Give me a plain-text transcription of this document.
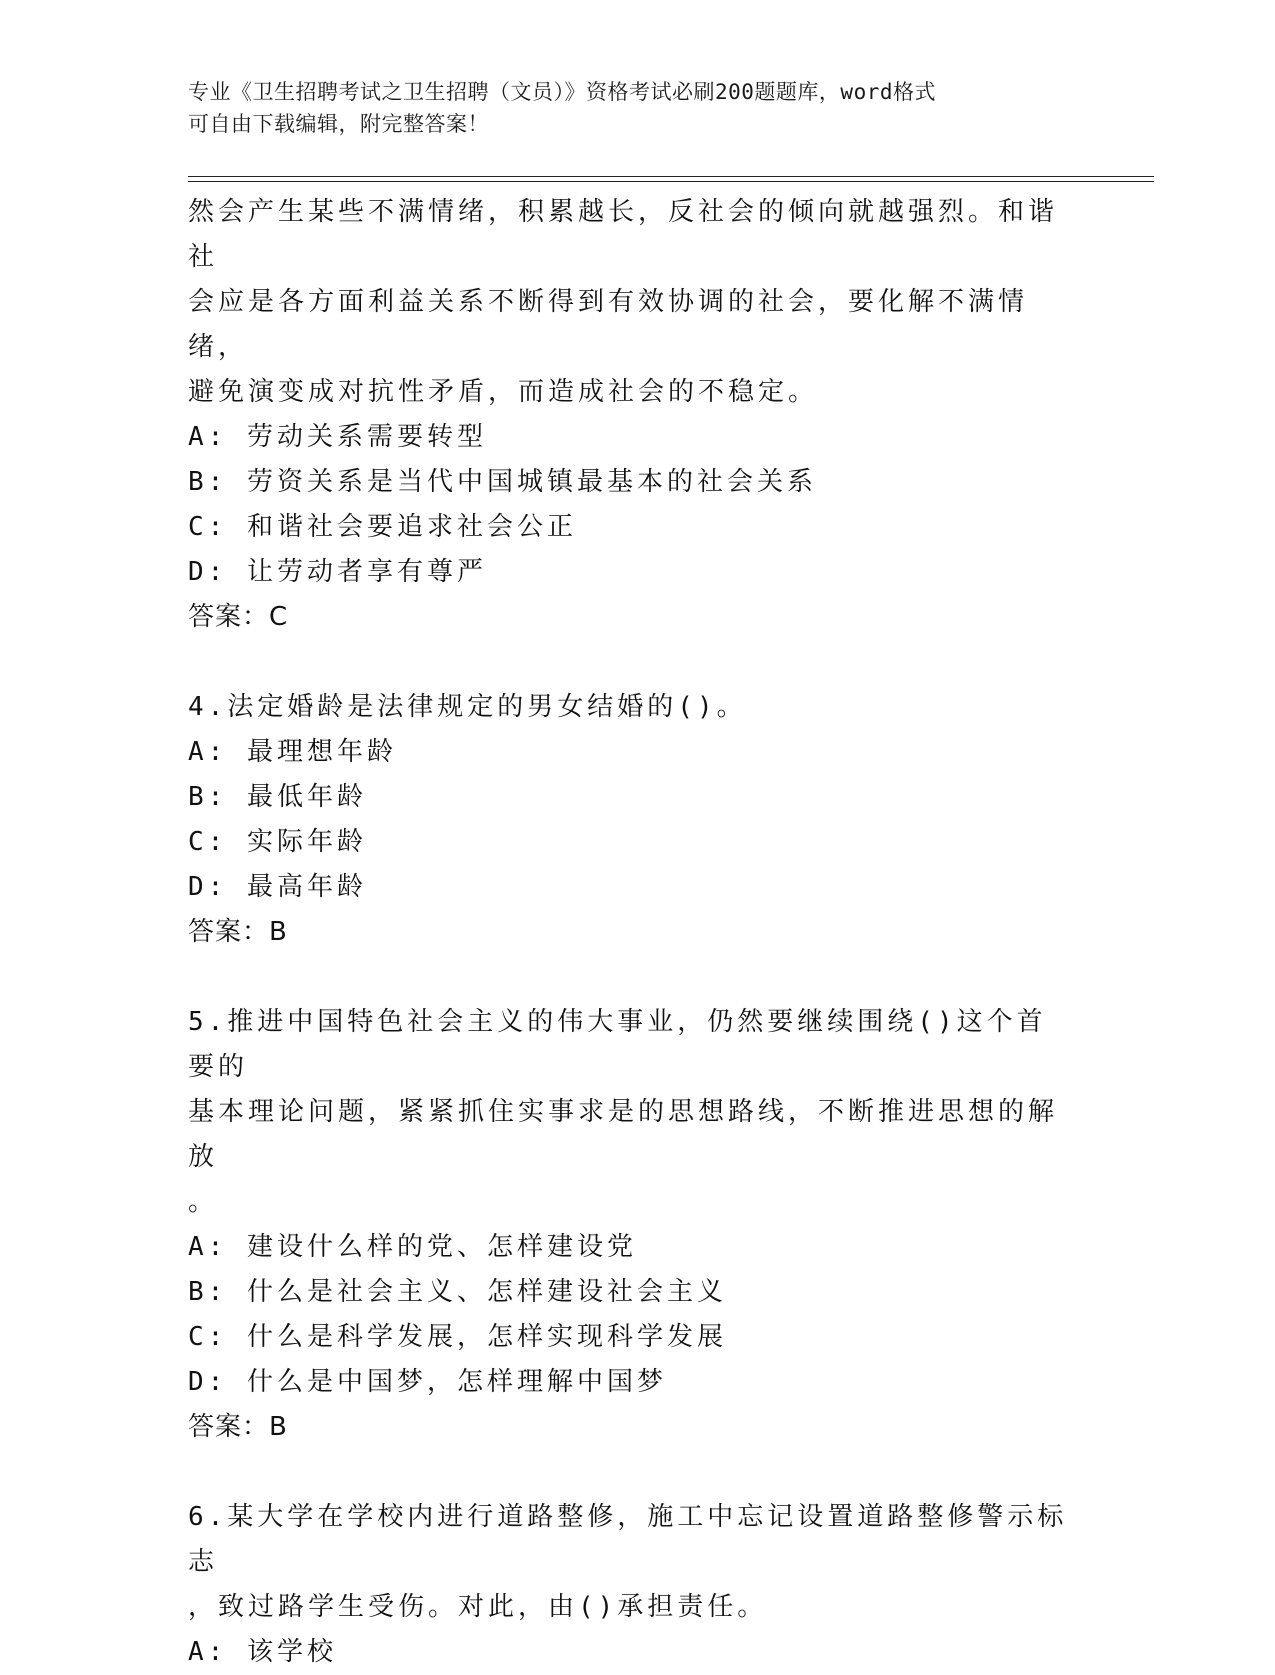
专业《卫生招聘考试之卫生招聘（文员）》资格考试必刷200题题库，word格式
可自由下载编辑，附完整答案！

然会产生某些不满情绪，积累越长，反社会的倾向就越强烈。和谐社

会应是各方面利益关系不断得到有效协调的社会，要化解不满情绪，

避免演变成对抗性矛盾，而造成社会的不稳定。

A: 劳动关系需要转型

B: 劳资关系是当代中国城镇最基本的社会关系

C: 和谐社会要追求社会公正

D: 让劳动者享有尊严

答案：C

4.法定婚龄是法律规定的男女结婚的()。

A: 最理想年龄

B: 最低年龄

C: 实际年龄

D: 最高年龄

答案：B

5.推进中国特色社会主义的伟大事业，仍然要继续围绕()这个首要的

基本理论问题，紧紧抓住实事求是的思想路线，不断推进思想的解放

。

A: 建设什么样的党、怎样建设党

B: 什么是社会主义、怎样建设社会主义

C: 什么是科学发展，怎样实现科学发展

D: 什么是中国梦，怎样理解中国梦

答案：B

6.某大学在学校内进行道路整修，施工中忘记设置道路整修警示标志

，致过路学生受伤。对此，由()承担责任。

A: 该学校
